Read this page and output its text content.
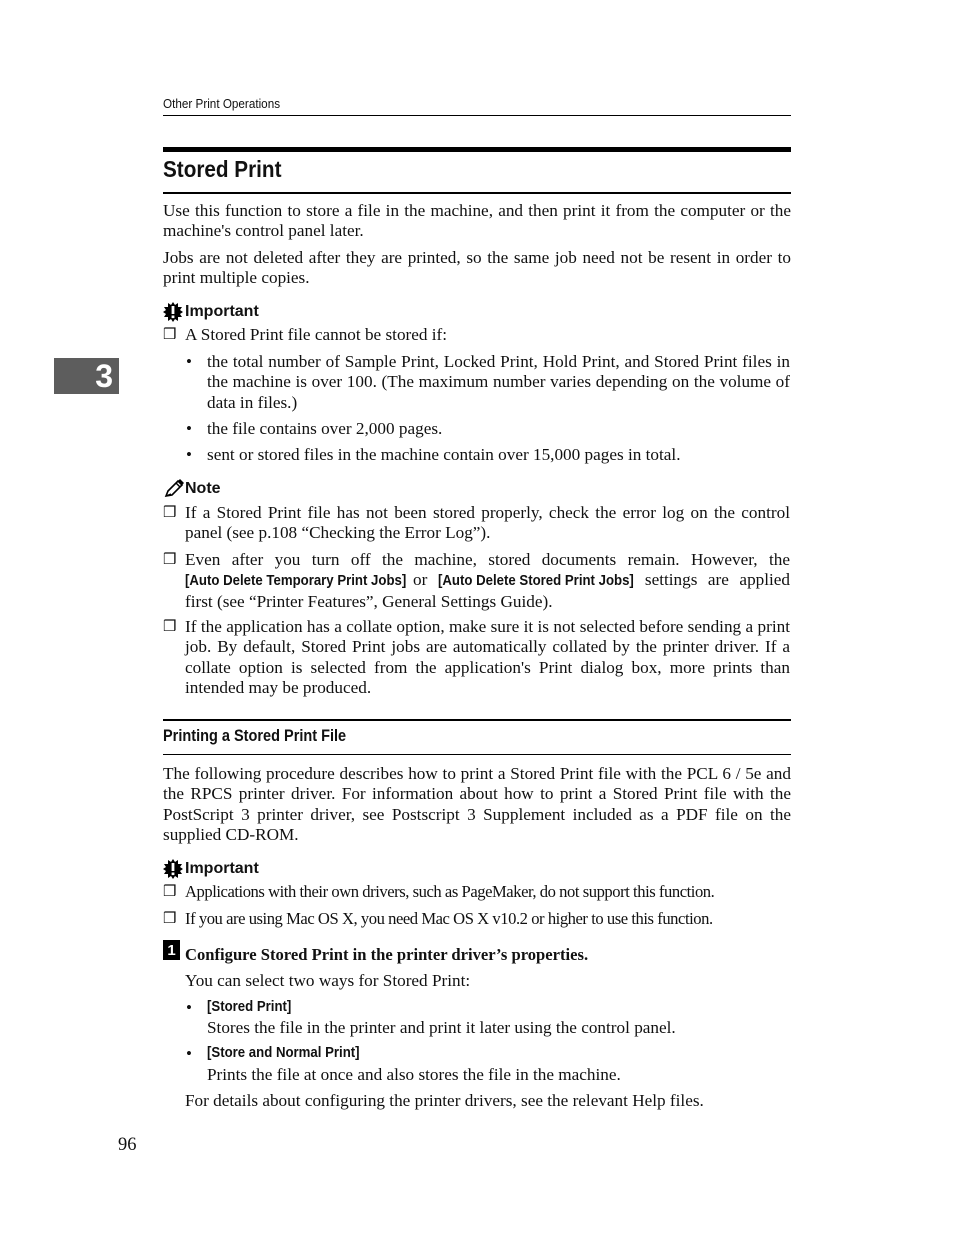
Other Print Operations
3
Stored Print
Use this function to store a file in the machine, and then print it from the computer or the machine's control panel later.
Jobs are not deleted after they are printed, so the same job need not be resent in order to print multiple copies.
Important
❒ A Stored Print file cannot be stored if:
• the total number of Sample Print, Locked Print, Hold Print, and Stored Print files in the machine is over 100. (The maximum number varies depending on the volume of data in files.)
• the file contains over 2,000 pages.
• sent or stored files in the machine contain over 15,000 pages in total.
Note
❒ If a Stored Print file has not been stored properly, check the error log on the control panel (see p.108 “Checking the Error Log”).
❒ Even after you turn off the machine, stored documents remain. However, the [Auto Delete Temporary Print Jobs] or [Auto Delete Stored Print Jobs] settings are applied first (see “Printer Features”, General Settings Guide).
❒ If the application has a collate option, make sure it is not selected before sending a print job. By default, Stored Print jobs are automatically collated by the printer driver. If a collate option is selected from the application's Print dialog box, more prints than intended may be produced.
Printing a Stored Print File
The following procedure describes how to print a Stored Print file with the PCL 6 / 5e and the RPCS printer driver. For information about how to print a Stored Print file with the PostScript 3 printer driver, see Postscript 3 Supplement included as a PDF file on the supplied CD-ROM.
Important
❒ Applications with their own drivers, such as PageMaker, do not support this function.
❒ If you are using Mac OS X, you need Mac OS X v10.2 or higher to use this function.
1 Configure Stored Print in the printer driver’s properties.
You can select two ways for Stored Print:
• [Stored Print]
Stores the file in the printer and print it later using the control panel.
• [Store and Normal Print]
Prints the file at once and also stores the file in the machine.
For details about configuring the printer drivers, see the relevant Help files.
96
